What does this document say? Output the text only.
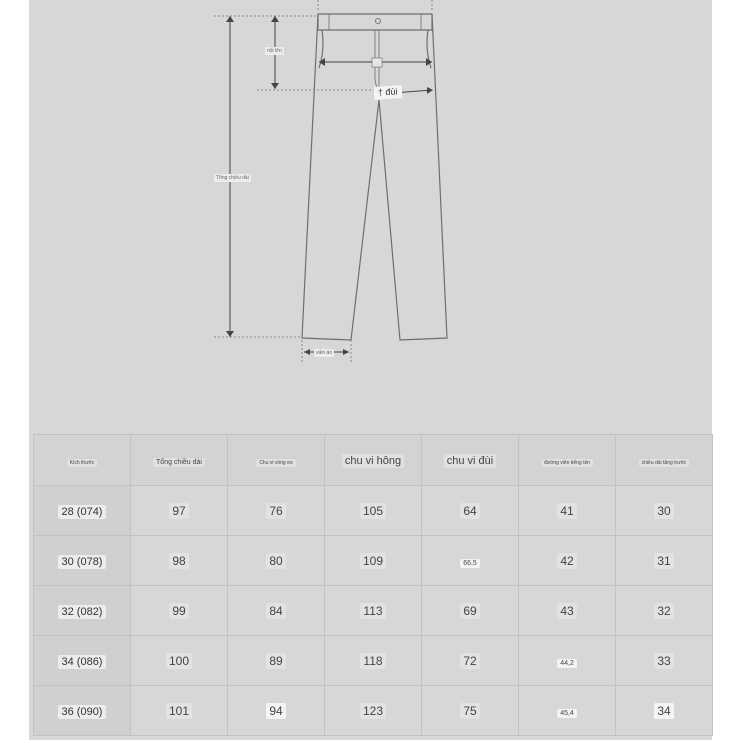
nối lên
Tổng chiều dài
† đùi
viền áo
Kích thước	Tổng chiều dài	Chu vi vòng eo	chu vi hông	chu vi đùi	đường viền tiếng tên	chiều dài tăng trước
28 (074)	97	76	105	64	41	30
30 (078)	98	80	109	66,5	42	31
32 (082)	99	84	113	69	43	32
34 (086)	100	89	118	72	44,2	33
36 (090)	101	94	123	75	45,4	34
